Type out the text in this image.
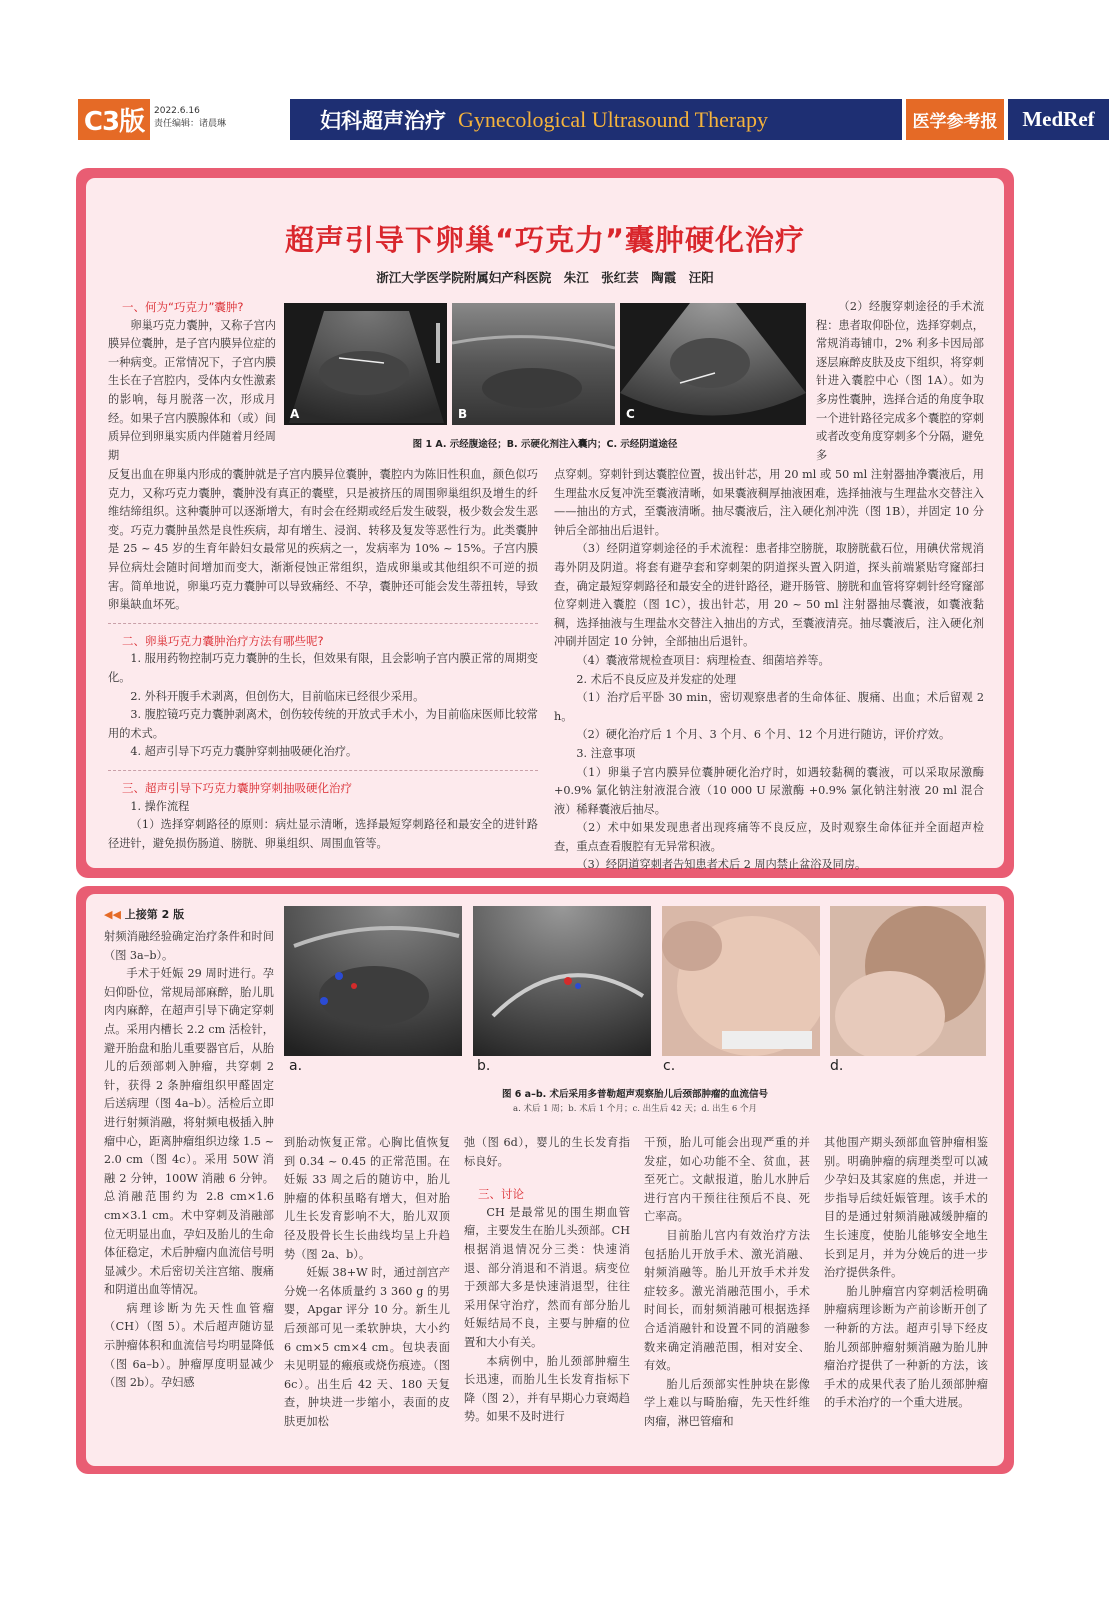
C3版	2022.6.16
责任编辑：诸晨琳	妇科超声治疗 Gynecological Ultrasound Therapy	医学参考报	MedRef
超声引导下卵巢“巧克力”囊肿硬化治疗
浙江大学医学院附属妇产科医院　朱江　张红芸　陶霞　汪阳
A	B	C
图 1 A. 示经腹途径；B. 示硬化剂注入囊内；C. 示经阴道途径

一、何为“巧克力”囊肿?

卵巢巧克力囊肿，又称子宫内膜异位囊肿，是子宫内膜异位症的一种病变。正常情况下，子宫内膜生长在子宫腔内，受体内女性激素的影响，每月脱落一次，形成月经。如果子宫内膜腺体和（或）间质异位到卵巢实质内伴随着月经周期

（2）经腹穿刺途径的手术流程：患者取仰卧位，选择穿刺点，常规消毒铺巾，2% 利多卡因局部逐层麻醉皮肤及皮下组织，将穿刺针进入囊腔中心（图 1A）。如为多房性囊肿，选择合适的角度争取一个进针路径完成多个囊腔的穿刺或者改变角度穿刺多个分隔，避免多

反复出血在卵巢内形成的囊肿就是子宫内膜异位囊肿，囊腔内为陈旧性积血，颜色似巧克力，又称巧克力囊肿，囊肿没有真正的囊壁，只是被挤压的周围卵巢组织及增生的纤维结缔组织。这种囊肿可以逐渐增大，有时会在经期或经后发生破裂，极少数会发生恶变。巧克力囊肿虽然是良性疾病，却有增生、浸润、转移及复发等恶性行为。此类囊肿是 25 ~ 45 岁的生育年龄妇女最常见的疾病之一，发病率为 10% ~ 15%。子宫内膜异位病灶会随时间增加而变大，渐渐侵蚀正常组织，造成卵巢或其他组织不可逆的损害。简单地说，卵巢巧克力囊肿可以导致痛经、不孕，囊肿还可能会发生蒂扭转，导致卵巢缺血坏死。

二、卵巢巧克力囊肿治疗方法有哪些呢?

1. 服用药物控制巧克力囊肿的生长，但效果有限，且会影响子宫内膜正常的周期变化。

2. 外科开腹手术剥离，但创伤大，目前临床已经很少采用。

3. 腹腔镜巧克力囊肿剥离术，创伤较传统的开放式手术小，为目前临床医师比较常用的术式。

4. 超声引导下巧克力囊肿穿刺抽吸硬化治疗。

三、超声引导下巧克力囊肿穿刺抽吸硬化治疗

1. 操作流程

（1）选择穿刺路径的原则：病灶显示清晰，选择最短穿刺路径和最安全的进针路径进针，避免损伤肠道、膀胱、卵巢组织、周围血管等。

点穿刺。穿刺针到达囊腔位置，拔出针芯，用 20 ml 或 50 ml 注射器抽净囊液后，用生理盐水反复冲洗至囊液清晰，如果囊液稠厚抽液困难，选择抽液与生理盐水交替注入——抽出的方式，至囊液清晰。抽尽囊液后，注入硬化剂冲洗（图 1B），并固定 10 分钟后全部抽出后退针。

（3）经阴道穿刺途径的手术流程：患者排空膀胱，取膀胱截石位，用碘伏常规消毒外阴及阴道。将套有避孕套和穿刺架的阴道探头置入阴道，探头前端紧贴穹窿部扫查，确定最短穿刺路径和最安全的进针路径，避开肠管、膀胱和血管将穿刺针经穹窿部位穿刺进入囊腔（图 1C），拔出针芯，用 20 ~ 50 ml 注射器抽尽囊液，如囊液黏稠，选择抽液与生理盐水交替注入抽出的方式，至囊液清亮。抽尽囊液后，注入硬化剂冲刷并固定 10 分钟，全部抽出后退针。

（4）囊液常规检查项目：病理检查、细菌培养等。

2. 术后不良反应及并发症的处理

（1）治疗后平卧 30 min，密切观察患者的生命体征、腹痛、出血；术后留观 2 h。

（2）硬化治疗后 1 个月、3 个月、6 个月、12 个月进行随访，评价疗效。

3. 注意事项

（1）卵巢子宫内膜异位囊肿硬化治疗时，如遇较黏稠的囊液，可以采取尿激酶 +0.9% 氯化钠注射液混合液（10 000 U 尿激酶 +0.9% 氯化钠注射液 20 ml 混合液）稀释囊液后抽尽。

（2）术中如果发现患者出现疼痛等不良反应，及时观察生命体征并全面超声检查，重点查看腹腔有无异常积液。

（3）经阴道穿刺者告知患者术后 2 周内禁止盆浴及同房。

◀◀ 上接第 2 版
a.	b.	c.	d.
图 6 a–b. 术后采用多普勒超声观察胎儿后颈部肿瘤的血流信号
a. 术后 1 周；b. 术后 1 个月；c. 出生后 42 天；d. 出生 6 个月

射频消融经验确定治疗条件和时间（图 3a–b）。

手术于妊娠 29 周时进行。孕妇仰卧位，常规局部麻醉，胎儿肌肉内麻醉，在超声引导下确定穿刺点。采用内槽长 2.2 cm 活检针，避开胎盘和胎儿重要器官后，从胎儿的后颈部刺入肿瘤，共穿刺 2 针，获得 2 条肿瘤组织甲醛固定后送病理（图 4a–b）。活检后立即进行射频消融，将射频电极插入肿瘤中心，距离肿瘤组织边缘 1.5 ~ 2.0 cm（图 4c）。采用 50W 消融 2 分钟，100W 消融 6 分钟。总消融范围约为 2.8 cm×1.6 cm×3.1 cm。术中穿刺及消融部位无明显出血，孕妇及胎儿的生命体征稳定，术后肿瘤内血流信号明显减少。术后密切关注宫缩、腹痛和阴道出血等情况。

病理诊断为先天性血管瘤（CH）（图 5）。术后超声随访显示肿瘤体积和血流信号均明显降低（图 6a–b）。肿瘤厚度明显减少（图 2b）。孕妇感

到胎动恢复正常。心胸比值恢复到 0.34 ~ 0.45 的正常范围。在妊娠 33 周之后的随访中，胎儿肿瘤的体积虽略有增大，但对胎儿生长发育影响不大，胎儿双顶径及股骨长生长曲线均呈上升趋势（图 2a、b）。

妊娠 38+W 时，通过剖宫产分娩一名体质量约 3 360 g 的男婴，Apgar 评分 10 分。新生儿后颈部可见一柔软肿块，大小约 6 cm×5 cm×4 cm。包块表面未见明显的瘢痕或烧伤痕迹。（图 6c）。出生后 42 天、180 天复查，肿块进一步缩小，表面的皮肤更加松

弛（图 6d），婴儿的生长发育指标良好。

三、讨论

CH 是最常见的围生期血管瘤，主要发生在胎儿头颈部。CH 根据消退情况分三类：快速消退、部分消退和不消退。病变位于颈部大多是快速消退型，往往采用保守治疗，然而有部分胎儿妊娠结局不良，主要与肿瘤的位置和大小有关。

本病例中，胎儿颈部肿瘤生长迅速，而胎儿生长发育指标下降（图 2），并有早期心力衰竭趋势。如果不及时进行

干预，胎儿可能会出现严重的并发症，如心功能不全、贫血，甚至死亡。文献报道，胎儿水肿后进行宫内干预往往预后不良、死亡率高。

目前胎儿宫内有效治疗方法包括胎儿开放手术、激光消融、射频消融等。胎儿开放手术并发症较多。激光消融范围小，手术时间长，而射频消融可根据选择合适消融针和设置不同的消融参数来确定消融范围，相对安全、有效。

胎儿后颈部实性肿块在影像学上难以与畸胎瘤，先天性纤维肉瘤，淋巴管瘤和

其他围产期头颈部血管肿瘤相鉴别。明确肿瘤的病理类型可以减少孕妇及其家庭的焦虑，并进一步指导后续妊娠管理。该手术的目的是通过射频消融减缓肿瘤的生长速度，使胎儿能够安全地生长到足月，并为分娩后的进一步治疗提供条件。

胎儿肿瘤宫内穿刺活检明确肿瘤病理诊断为产前诊断开创了一种新的方法。超声引导下经皮胎儿颈部肿瘤射频消融为胎儿肿瘤治疗提供了一种新的方法，该手术的成果代表了胎儿颈部肿瘤的手术治疗的一个重大进展。
